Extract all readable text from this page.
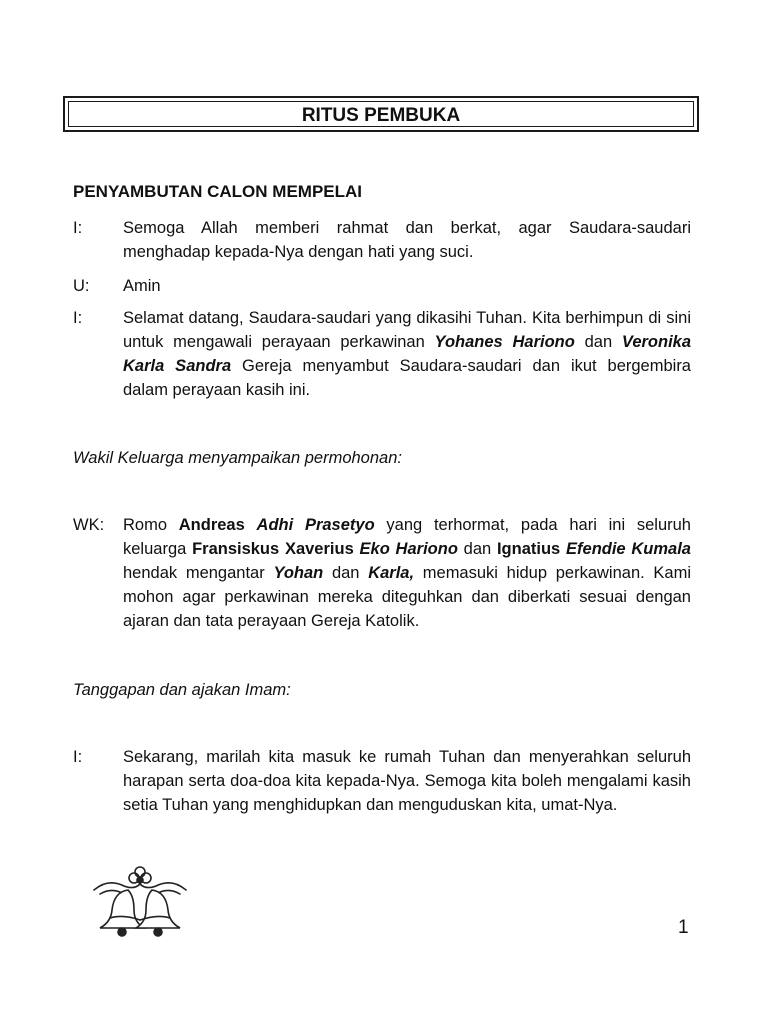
RITUS PEMBUKA
PENYAMBUTAN CALON MEMPELAI
I: Semoga Allah memberi rahmat dan berkat, agar Saudara-saudari menghadap kepada-Nya dengan hati yang suci.
U: Amin
I: Selamat datang, Saudara-saudari yang dikasihi Tuhan. Kita berhimpun di sini untuk mengawali perayaan perkawinan Yohanes Hariono dan Veronika Karla Sandra Gereja menyambut Saudara-saudari dan ikut bergembira dalam perayaan kasih ini.
Wakil Keluarga menyampaikan permohonan:
WK: Romo Andreas Adhi Prasetyo yang terhormat, pada hari ini seluruh keluarga Fransiskus Xaverius Eko Hariono dan Ignatius Efendie Kumala hendak mengantar Yohan dan Karla, memasuki hidup perkawinan. Kami mohon agar perkawinan mereka diteguhkan dan diberkati sesuai dengan ajaran dan tata perayaan Gereja Katolik.
Tanggapan dan ajakan Imam:
I: Sekarang, marilah kita masuk ke rumah Tuhan dan menyerahkan seluruh harapan serta doa-doa kita kepada-Nya. Semoga kita boleh mengalami kasih setia Tuhan yang menghidupkan dan menguduskan kita, umat-Nya.
1
